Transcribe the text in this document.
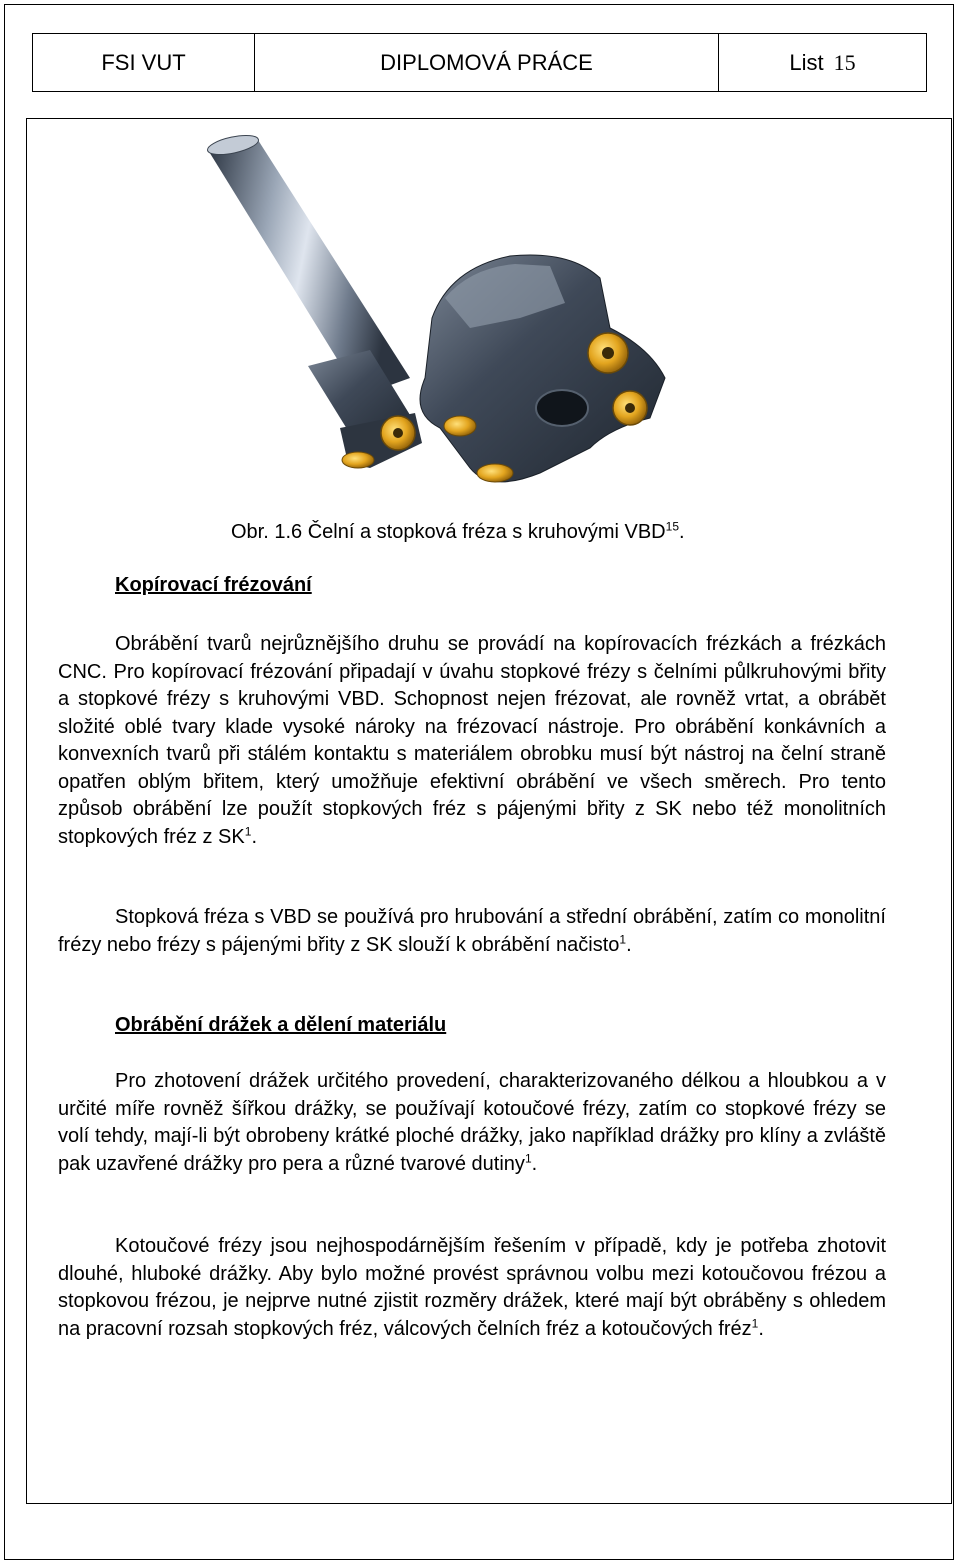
FSI VUT	DIPLOMOVÁ PRÁCE	List 15
Obr. 1.6 Čelní a stopková fréza s kruhovými VBD$^{15}$.
Kopírovací frézování

Obrábění tvarů nejrůznějšího druhu se provádí na kopírovacích frézkách a frézkách CNC. Pro kopírovací frézování připadají v úvahu stopkové frézy s čelními půlkruhovými břity a stopkové frézy s kruhovými VBD. Schopnost nejen frézovat, ale rovněž vrtat, a obrábět složité oblé tvary klade vysoké nároky na frézovací nástroje. Pro obrábění konkávních a konvexních tvarů při stálém kontaktu s materiálem obrobku musí být nástroj na čelní straně opatřen oblým břitem, který umožňuje efektivní obrábění ve všech směrech. Pro tento způsob obrábění lze použít stopkových fréz s pájenými břity z SK nebo též monolitních stopkových fréz z $SK^1$.

Stopková fréza s VBD se používá pro hrubování a střední obrábění, zatím co monolitní frézy nebo frézy s pájenými břity z SK slouží k obrábění načisto$^1$.

Obrábění drážek a dělení materiálu

Pro zhotovení drážek určitého provedení, charakterizovaného délkou a hloubkou a v určité míře rovněž šířkou drážky, se používají kotoučové frézy, zatím co stopkové frézy se volí tehdy, mají-li být obrobeny krátké ploché drážky, jako například drážky pro klíny a zvláště pak uzavřené drážky pro pera a různé tvarové dutiny$^1$.

Kotoučové frézy jsou nejhospodárnějším řešením v případě, kdy je potřeba zhotovit dlouhé, hluboké drážky. Aby bylo možné provést správnou volbu mezi kotoučovou frézou a stopkovou frézou, je nejprve nutné zjistit rozměry drážek, které mají být obráběny s ohledem na pracovní rozsah stopkových fréz, válcových čelních fréz a kotoučových fréz$^1$.
